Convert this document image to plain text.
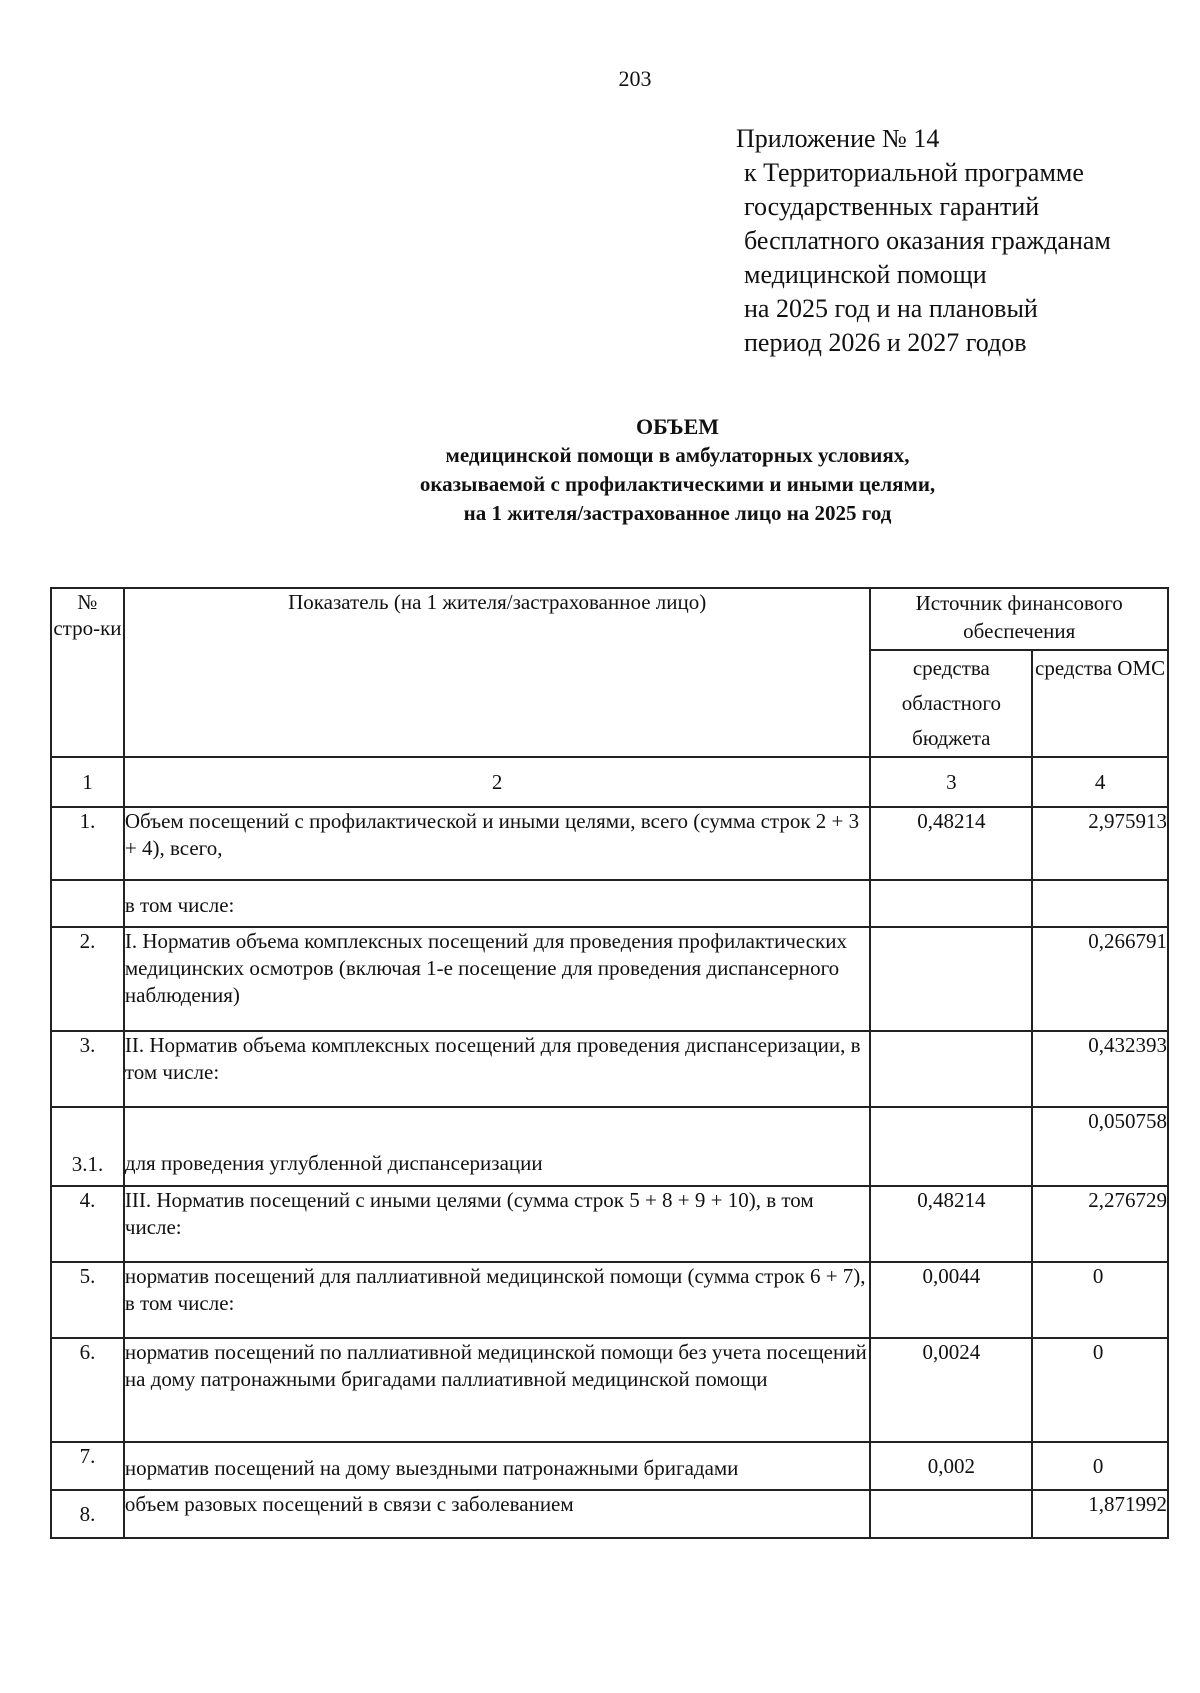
203
Приложение № 14

к Территориальной программе
государственных гарантий
бесплатного оказания гражданам
медицинской помощи
на 2025 год и на плановый
период 2026 и 2027 годов
ОБЪЕМ
медицинской помощи в амбулаторных условиях,
оказываемой с профилактическими и иными целями,
на 1 жителя/застрахованное лицо на 2025 год
№ стро-ки	Показатель (на 1 жителя/застрахованное лицо)	Источник финансового обеспечения	
		средства областного бюджета	средства ОМС
1	2	3	4
1.	Объем посещений с профилактической и иными целями, всего (сумма строк 2 + 3 + 4), всего,	0,48214	2,975913
	в том числе:		
2.	I. Норматив объема комплексных посещений для проведения профилактических медицинских осмотров (включая 1-е посещение для проведения диспансерного наблюдения)		0,266791
3.	II. Норматив объема комплексных посещений для проведения диспансеризации, в том числе:		0,432393
3.1.	для проведения углубленной диспансеризации		0,050758
4.	III. Норматив посещений с иными целями (сумма строк 5 + 8 + 9 + 10), в том числе:	0,48214	2,276729
5.	норматив посещений для паллиативной медицинской помощи (сумма строк 6 + 7), в том числе:	0,0044	0
6.	норматив посещений по паллиативной медицинской помощи без учета посещений на дому патронажными бригадами паллиативной медицинской помощи	0,0024	0
7.	норматив посещений на дому выездными патронажными бригадами	0,002	0
8.	объем разовых посещений в связи с заболеванием		1,871992
